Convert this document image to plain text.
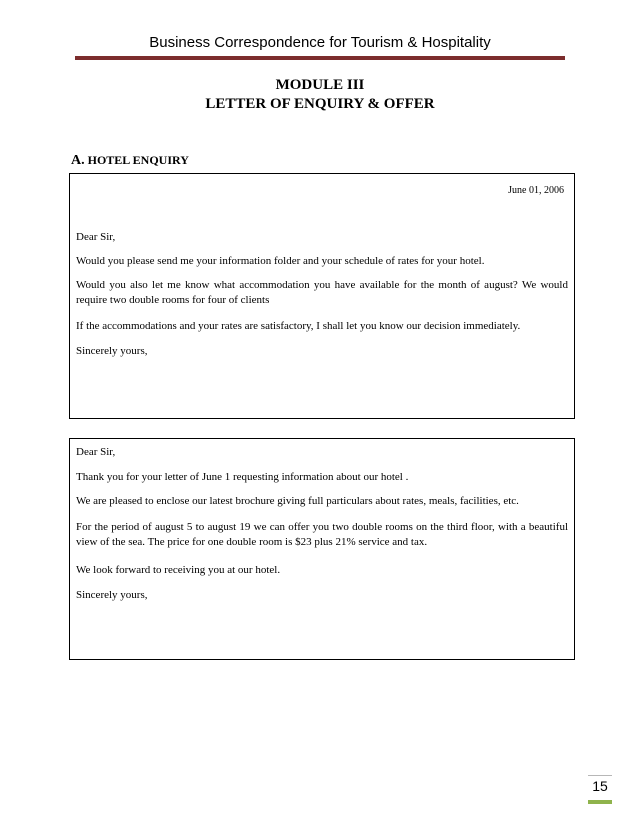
Business Correspondence for Tourism & Hospitality
MODULE III
LETTER OF ENQUIRY & OFFER
A. HOTEL ENQUIRY
June 01, 2006
Dear Sir,
Would you please send me your information folder and your schedule of rates for your hotel.
Would you also let me know what accommodation you have available for the month of august? We would require two double rooms for four of clients
If the accommodations and your rates are satisfactory, I shall let you know our decision immediately.
Sincerely yours,
Dear Sir,
Thank you for your letter of June 1 requesting information about our hotel .
We are pleased to enclose our latest brochure giving full particulars about rates, meals, facilities, etc.
For the period of august 5 to august 19 we can offer you two double rooms on the third floor, with a beautiful view of the sea. The price for one double room is $23 plus 21% service and tax.
We look forward to receiving you at our hotel.
Sincerely yours,
15
